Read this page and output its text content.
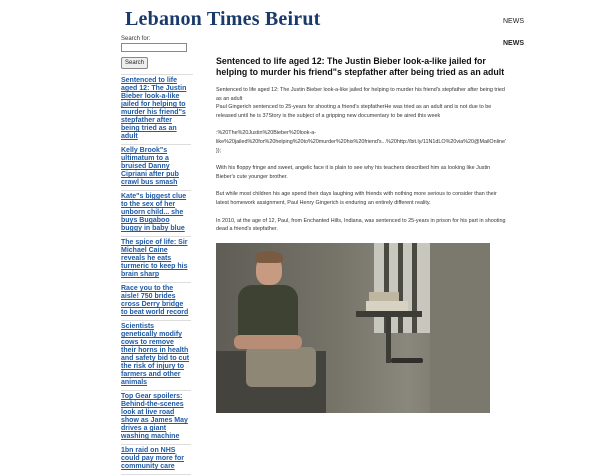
Lebanon Times Beirut	NEWS
NEWS
Search for:
Search
Sentenced to life aged 12: The Justin Bieber look-a-like jailed for helping to murder his friend"s stepfather after being tried as an adult
Kelly Brook"s ultimatum to a bruised Danny Cipriani after pub crawl bus smash
Kate"s biggest clue to the sex of her unborn child... she buys Bugaboo buggy in baby blue
The spice of life: Sir Michael Caine reveals he eats turmeric to keep his brain sharp
Race you to the aisle! 750 brides cross Derry bridge to beat world record
Scientists genetically modify cows to remove their horns in health and safety bid to cut the risk of injury to farmers and other animals
Top Gear spoilers: Behind-the-scenes look at live road show as James May drives a giant washing machine
1bn raid on NHS could pay more for community care
Sentenced to life aged 12: The Justin Bieber look-a-like jailed for helping to murder his friend"s stepfather after being tried as an adult

Sentenced to life aged 12: The Justin Bieber look-a-like jailed for helping to murder his friend's stepfather after being tried as an adult

Paul Gingerich sentenced to 25-years for shooting a friend's stepfatherHe was tried as an adult and is not due to be released until he is 37Story is the subject of a gripping new documentary to be aired this week

:%20The%20Justin%20Bieber%20look-a-like%20jailed%20for%20helping%20to%20murder%20his%20friend's...%20http://bit.ly/11N1dLO%20via%20@MailOnline'

});

With his floppy fringe and sweet, angelic face it is plain to see why his teachers described him as looking like Justin Bieber's cute younger brother.

But while most children his age spend their days laughing with friends with nothing more serious to consider than their latest homework assignment, Paul Henry Gingerich is enduring an entirely different reality.

In 2010, at the age of 12, Paul, from Enchanted Hills, Indiana, was sentenced to 25-years in prison for his part in shooting dead a friend's stepfather.
